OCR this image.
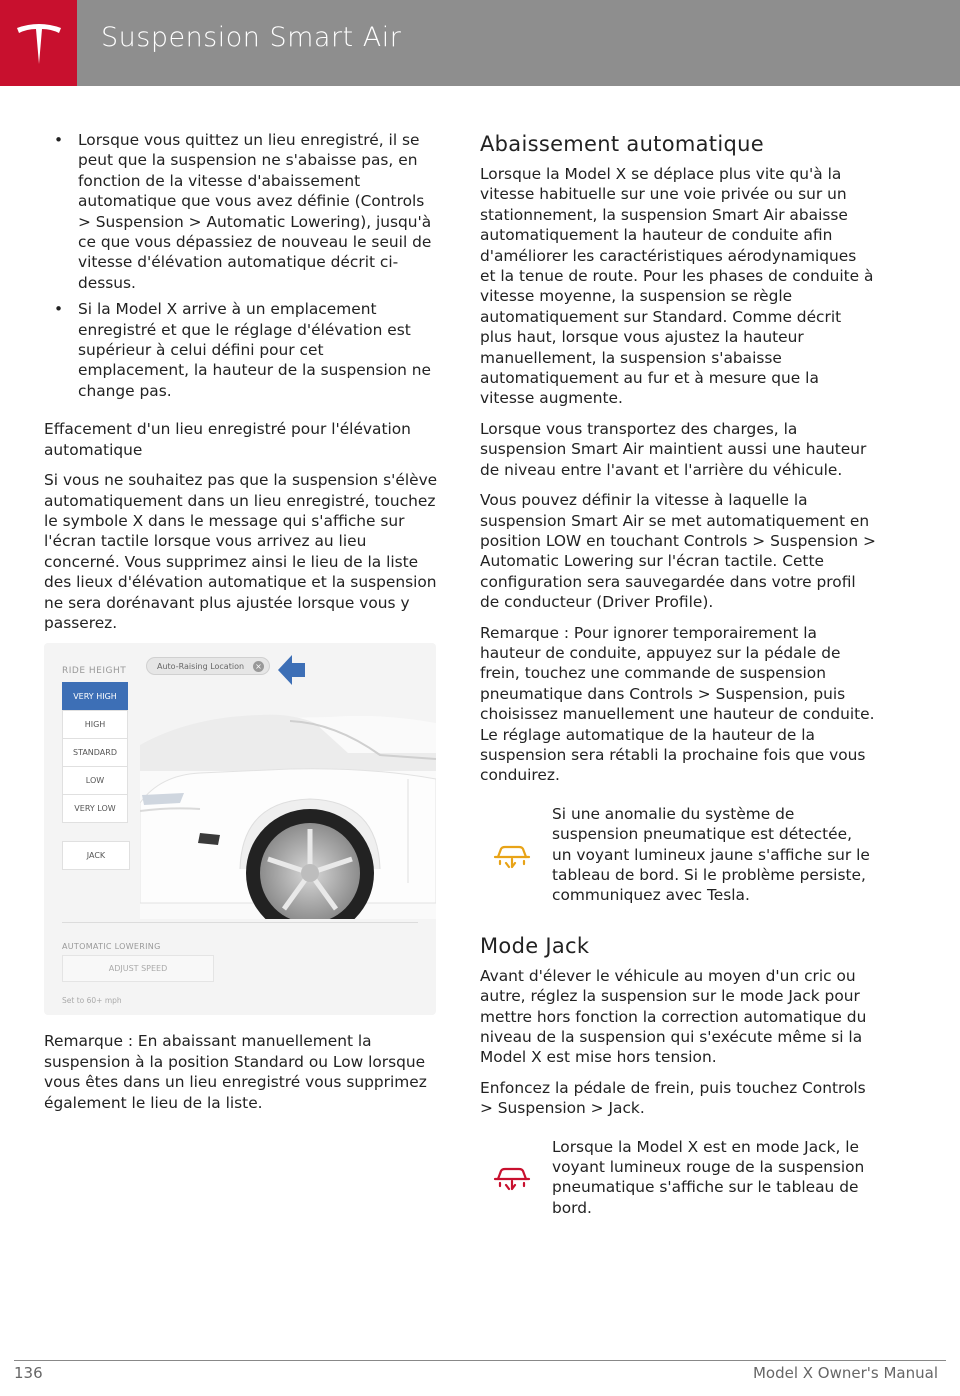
Suspension Smart Air
• Lorsque vous quittez un lieu enregistré, il se peut que la suspension ne s'abaisse pas, en fonction de la vitesse d'abaissement automatique que vous avez définie (Controls > Suspension > Automatic Lowering), jusqu'à ce que vous dépassiez de nouveau le seuil de vitesse d'élévation automatique décrit ci-dessus.
• Si la Model X arrive à un emplacement enregistré et que le réglage d'élévation est supérieur à celui défini pour cet emplacement, la hauteur de la suspension ne change pas.

Effacement d'un lieu enregistré pour l'élévation automatique

Si vous ne souhaitez pas que la suspension s'élève automatiquement dans un lieu enregistré, touchez le symbole X dans le message qui s'affiche sur l'écran tactile lorsque vous arrivez au lieu concerné. Vous supprimez ainsi le lieu de la liste des lieux d'élévation automatique et la suspension ne sera dorénavant plus ajustée lorsque vous y passerez.

RIDE HEIGHT	Auto-Raising Location ×
VERY HIGH
HIGH
STANDARD
LOW
VERY LOW
JACK
AUTOMATIC LOWERING
ADJUST SPEED
Set to 60+ mph

Remarque : En abaissant manuellement la suspension à la position Standard ou Low lorsque vous êtes dans un lieu enregistré vous supprimez également le lieu de la liste.

Abaissement automatique

Lorsque la Model X se déplace plus vite qu'à la vitesse habituelle sur une voie privée ou sur un stationnement, la suspension Smart Air abaisse automatiquement la hauteur de conduite afin d'améliorer les caractéristiques aérodynamiques et la tenue de route. Pour les phases de conduite à vitesse moyenne, la suspension se règle automatiquement sur Standard. Comme décrit plus haut, lorsque vous ajustez la hauteur manuellement, la suspension s'abaisse automatiquement au fur et à mesure que la vitesse augmente.

Lorsque vous transportez des charges, la suspension Smart Air maintient aussi une hauteur de niveau entre l'avant et l'arrière du véhicule.

Vous pouvez définir la vitesse à laquelle la suspension Smart Air se met automatiquement en position LOW en touchant Controls > Suspension > Automatic Lowering sur l'écran tactile. Cette configuration sera sauvegardée dans votre profil de conducteur (Driver Profile).

Remarque : Pour ignorer temporairement la hauteur de conduite, appuyez sur la pédale de frein, touchez une commande de suspension pneumatique dans Controls > Suspension, puis choisissez manuellement une hauteur de conduite. Le réglage automatique de la hauteur de la suspension sera rétabli la prochaine fois que vous conduirez.

Si une anomalie du système de suspension pneumatique est détectée, un voyant lumineux jaune s'affiche sur le tableau de bord. Si le problème persiste, communiquez avec Tesla.

Mode Jack

Avant d'élever le véhicule au moyen d'un cric ou autre, réglez la suspension sur le mode Jack pour mettre hors fonction la correction automatique du niveau de la suspension qui s'exécute même si la Model X est mise hors tension.

Enfoncez la pédale de frein, puis touchez Controls > Suspension > Jack.

Lorsque la Model X est en mode Jack, le voyant lumineux rouge de la suspension pneumatique s'affiche sur le tableau de bord.

136	Model X Owner's Manual
